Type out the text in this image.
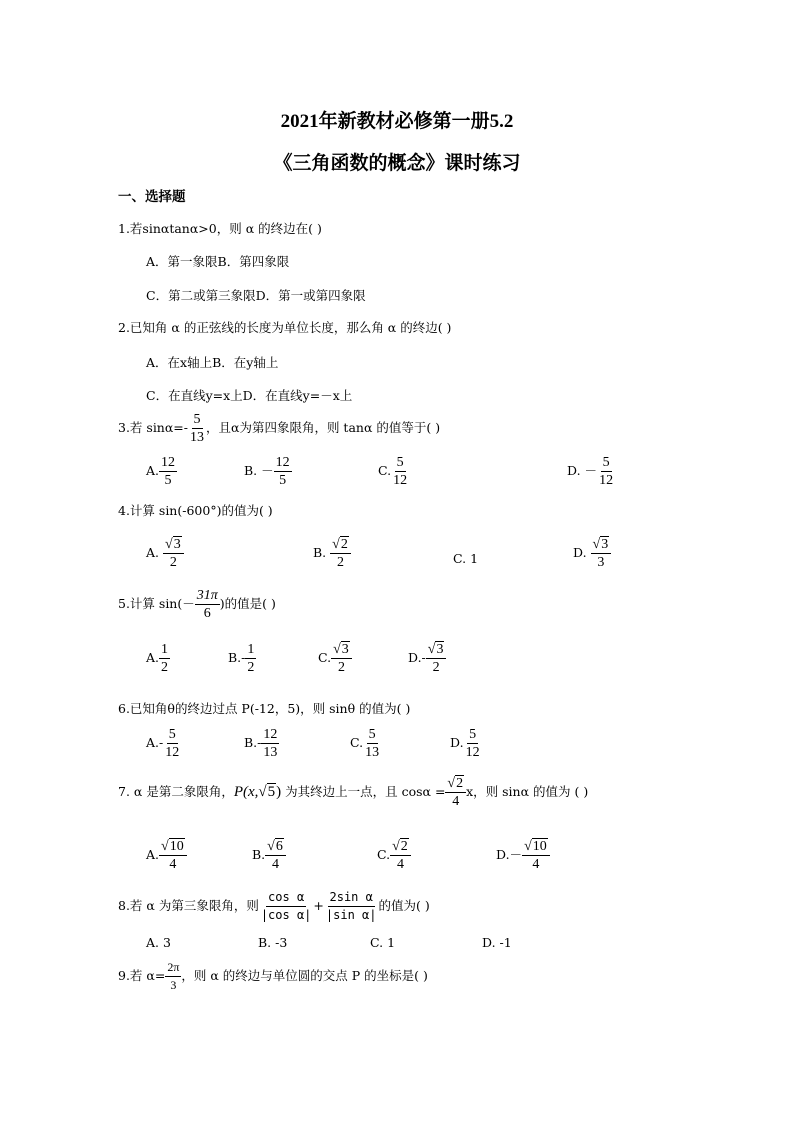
2021年新教材必修第一册5.2
《三角函数的概念》课时练习
一、选择题
1.若sinαtanα>0，则 α 的终边在( )
A．第一象限B．第四象限
C．第二或第三象限D．第一或第四象限
2.已知角 α 的正弦线的长度为单位长度，那么角 α 的终边( )
A．在x轴上B．在y轴上
C．在直线y=x上D．在直线y=－x上
3.若 $\sin\alpha=- \frac{5}{13}$ ，且α为第四象限角，则 tanα 的值等于( )
A. $\frac{12}{5}$	B. － $\frac{12}{5}$	C. $\frac{5}{12}$	D. － $\frac{5}{12}$
4.计算 sin(-600°)的值为( )
A. $\frac{√3}{2}$	B. $\frac{√2}{2}$	C. 1	D. $\frac{√3}{3}$
5.计算 $\sin(- \frac{31\pi}{6}$ )的值是( )
A. $\frac{1}{2}$	$B.- \frac{1}{2}$	C. $\frac{√3}{2}$	$D.- \frac{√3}{2}$
6.已知角θ的终边过点 P(-12，5)，则 sinθ 的值为( )
$A.- \frac{5}{12}$	$B.- \frac{12}{13}$	C. $\frac{5}{13}$	D. $\frac{5}{12}$
7. α 是第二象限角，P(x,√5) 为其终边上一点，且 $\cos\alpha = \frac{√2}{4}$ x，则 sinα 的值为 ( )
A. $\frac{√10}{4}$	B. $\frac{√6}{4}$	C. $\frac{√2}{4}$	$D.- \frac{√10}{4}$
8.若 α 为第三象限角，则 $\frac{\text{cos α}}{\text{|cos α|}} + \frac{\text{2sin α}}{\text{|sin α|}}$ 的值为( )
A. 3	B. -3	C. 1	D. -1
9.若 $\alpha= \frac{2\pi}{3}$ ，则 α 的终边与单位圆的交点 P 的坐标是( )
